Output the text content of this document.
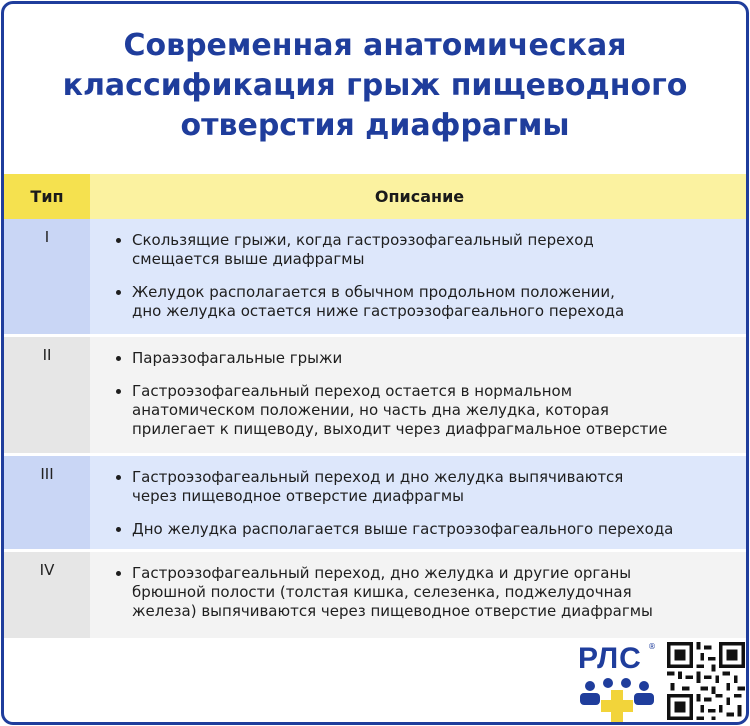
Современная анатомическая
классификация грыж пищеводного
отверстия диафрагмы
Тип	Описание
I	Скользящие грыжи, когда гастроэзофагеальный переход
смещается выше диафрагмы
Желудок располагается в обычном продольном положении,
дно желудка остается ниже гастроэзофагеального перехода
II	Параэзофагальные грыжи
Гастроэзофагеальный переход остается в нормальном
анатомическом положении, но часть дна желудка, которая
прилегает к пищеводу, выходит через диафрагмальное отверстие
III	Гастроэзофагеальный переход и дно желудка выпячиваются
через пищеводное отверстие диафрагмы
Дно желудка располагается выше гастроэзофагеального перехода
IV	Гастроэзофагеальный переход, дно желудка и другие органы
брюшной полости (толстая кишка, селезенка, поджелудочная
железа) выпячиваются через пищеводное отверстие диафрагмы
РЛС ®
